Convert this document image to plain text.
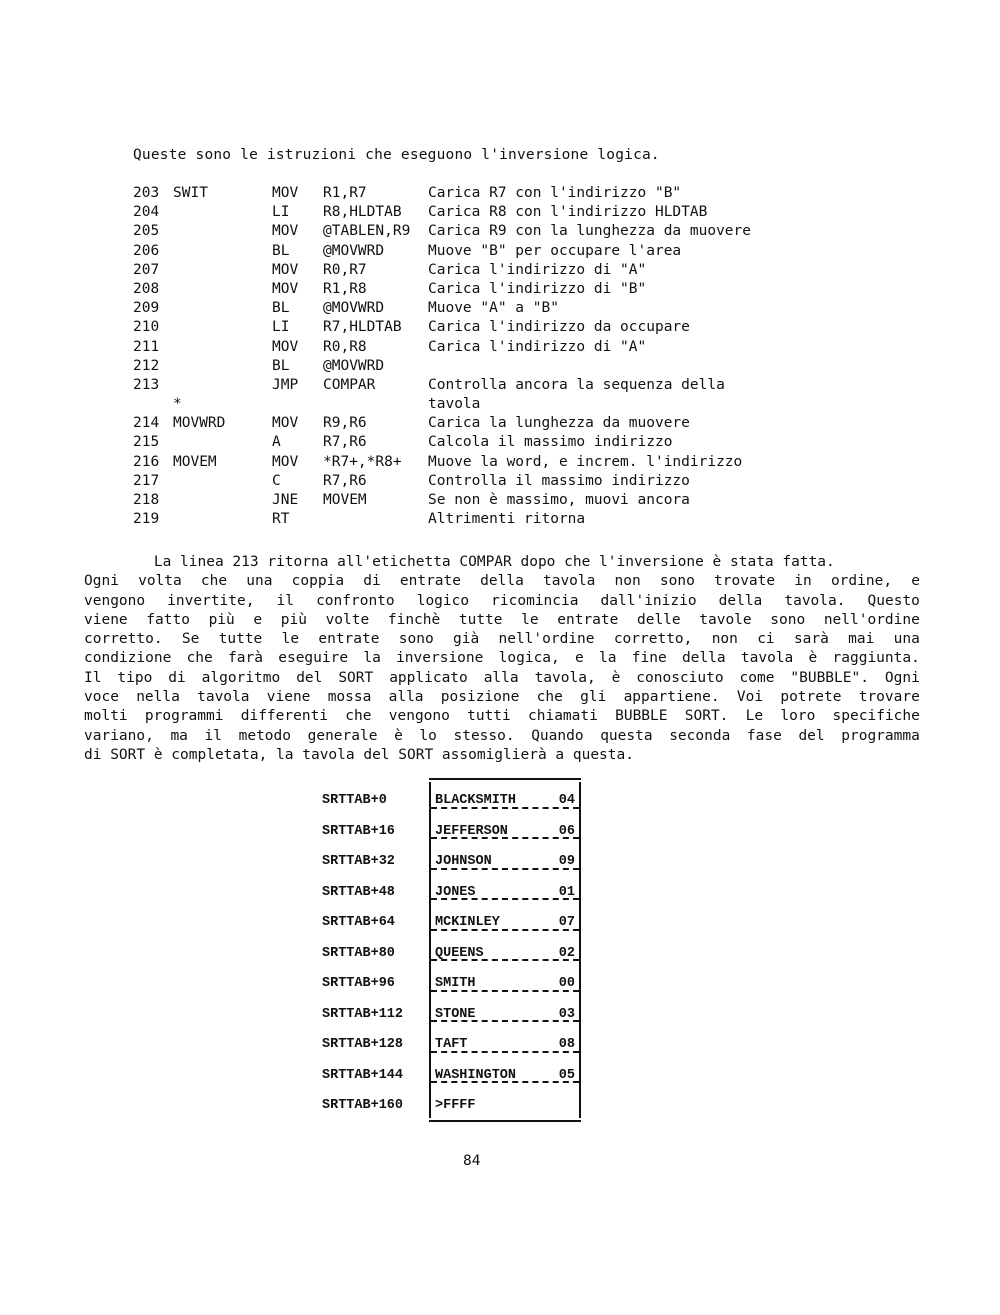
Queste sono le istruzioni che eseguono l'inversione logica.
203 SWIT	MOV R1,R7	Carica R7 con l'indirizzo "B"
204	LI R8,HLDTAB Carica R8 con l'indirizzo HLDTAB
205	MOV @TABLEN,R9 Carica R9 con la lunghezza da muovere
206	BL @MOVWRD	Muove "B" per occupare l'area
207	MOV R0,R7	Carica l'indirizzo di "A"
208	MOV R1,R8	Carica l'indirizzo di "B"
209	BL @MOVWRD	Muove "A" a "B"
210	LI R7,HLDTAB Carica l'indirizzo da occupare
211	MOV R0,R8	Carica l'indirizzo di "A"
212	BL @MOVWRD
213	JMP COMPAR	Controlla ancora la sequenza della
*	tavola
214 MOVWRD	MOV R9,R6	Carica la lunghezza da muovere
215	A	R7,R6	Calcola il massimo indirizzo
216 MOVEM	MOV *R7+,*R8+ Muove la word, e increm. l'indirizzo
217	C	R7,R6	Controlla il massimo indirizzo
218	JNE MOVEM	Se non è massimo, muovi ancora
219	RT	Altrimenti ritorna
La linea 213 ritorna all'etichetta COMPAR dopo che l'inversione è stata fatta.
Ogni volta che una coppia di entrate della tavola non sono trovate in ordine, e
vengono invertite, il confronto logico ricomincia dall'inizio della tavola. Questo
viene fatto più e più volte finchè tutte le entrate delle tavole sono nell'ordine
corretto. Se tutte le entrate sono già nell'ordine corretto, non ci sarà mai una
condizione che farà eseguire la inversione logica, e la fine della tavola è raggiunta.
Il tipo di algoritmo del SORT applicato alla tavola, è conosciuto come "BUBBLE". Ogni
voce nella tavola viene mossa alla posizione che gli appartiene. Voi potrete trovare
molti programmi differenti che vengono tutti chiamati BUBBLE SORT. Le loro specifiche
variano, ma il metodo generale è lo stesso. Quando questa seconda fase del programma
di SORT è completata, la tavola del SORT assomiglierà a questa.
SRTTAB+0	BLACKSMITH	04
SRTTAB+16	JEFFERSON	06
SRTTAB+32	JOHNSON	09
SRTTAB+48	JONES	01
SRTTAB+64	MCKINLEY	07
SRTTAB+80	QUEENS	02
SRTTAB+96	SMITH	00
SRTTAB+112 STONE	03
SRTTAB+128 TAFT	08
SRTTAB+144 WASHINGTON	05
SRTTAB+160 >FFFF
84
